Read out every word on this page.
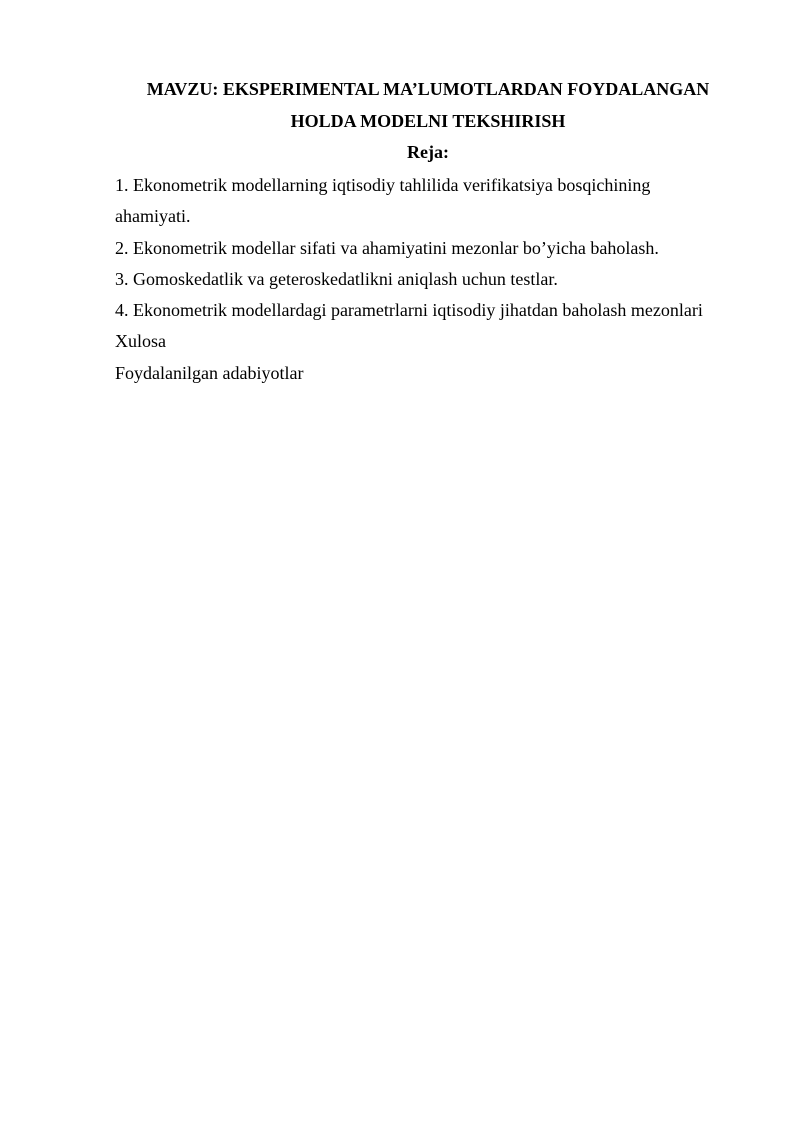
MAVZU: EKSPERIMENTAL MA’LUMOTLARDAN FOYDALANGAN
HOLDA MODELNI TEKSHIRISH
Reja:
1. Ekonometrik modellarning iqtisodiy tahlilida verifikatsiya bosqichining
ahamiyati.
2. Ekonometrik modellar sifati va ahamiyatini mezonlar bo’yicha baholash.
3. Gomoskedatlik va geteroskedatlikni aniqlash uchun testlar.
4. Ekonometrik modellardagi parametrlarni iqtisodiy jihatdan baholash mezonlari
Xulosa
Foydalanilgan adabiyotlar
